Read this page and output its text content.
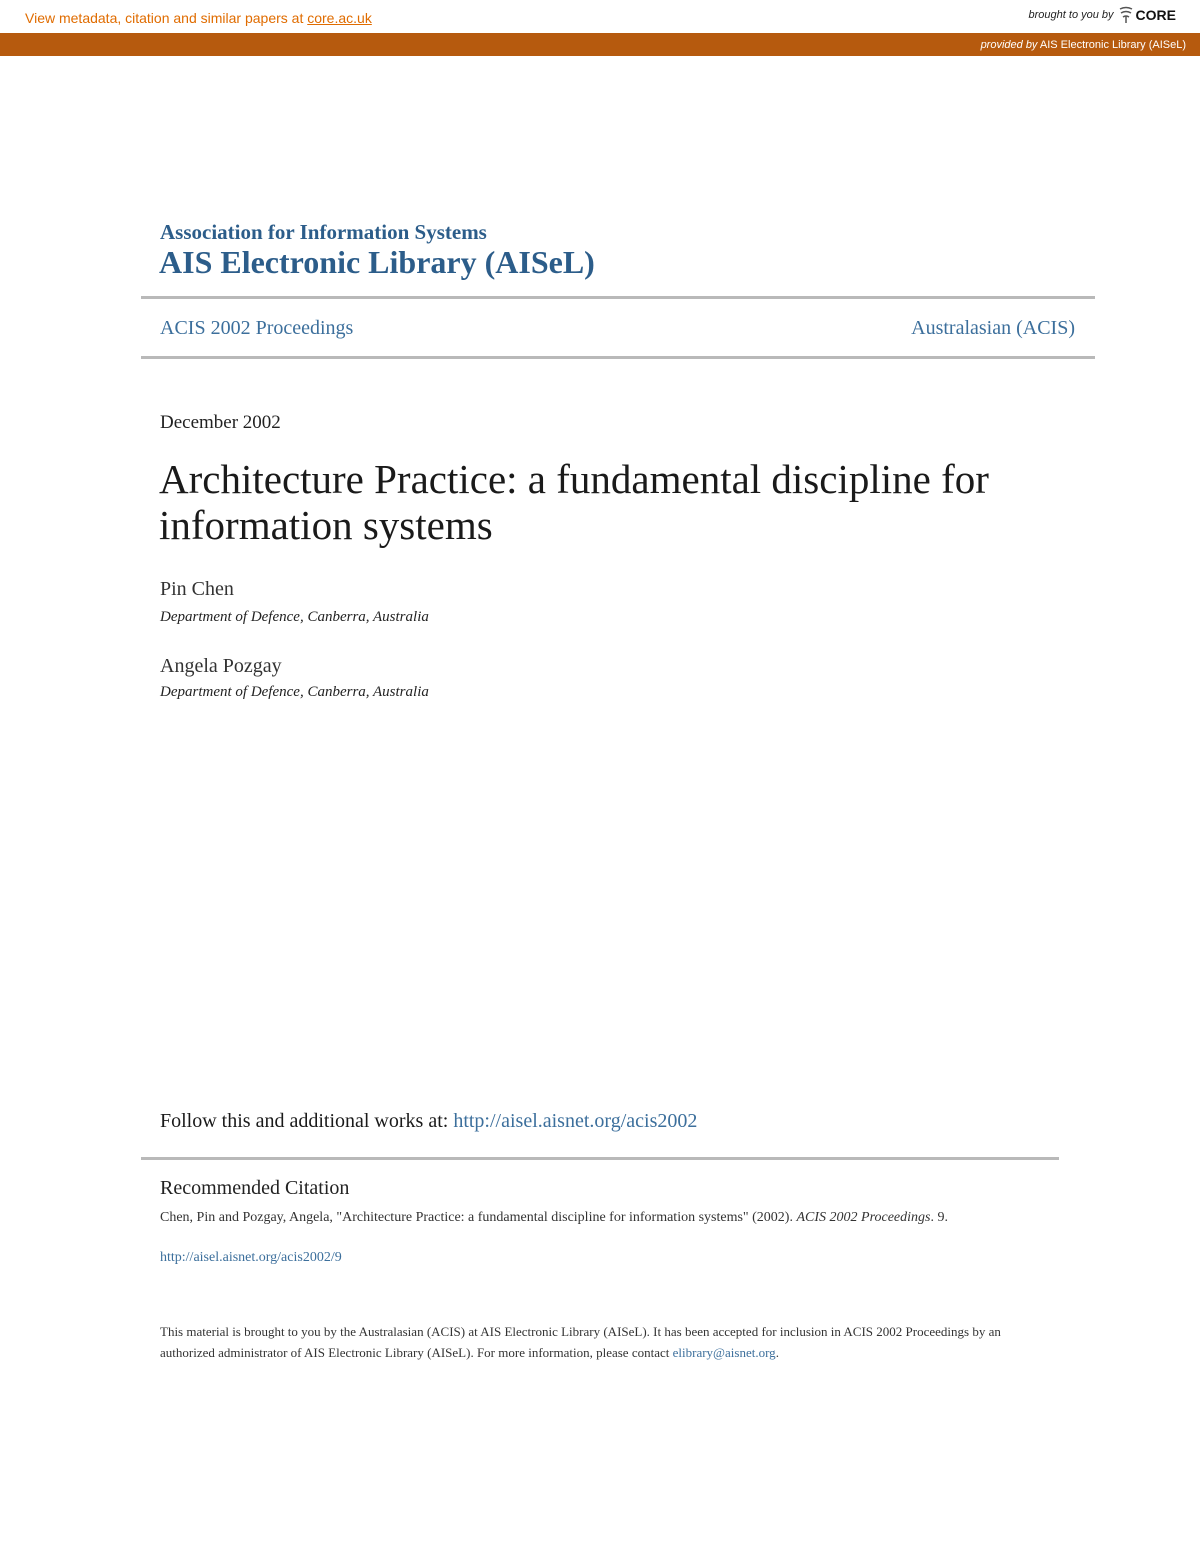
View metadata, citation and similar papers at core.ac.uk	brought to you by CORE
provided by AIS Electronic Library (AISeL)
Association for Information Systems
AIS Electronic Library (AISeL)
ACIS 2002 Proceedings	Australasian (ACIS)
December 2002
Architecture Practice: a fundamental discipline for information systems
Pin Chen
Department of Defence, Canberra, Australia
Angela Pozgay
Department of Defence, Canberra, Australia
Follow this and additional works at: http://aisel.aisnet.org/acis2002
Recommended Citation
Chen, Pin and Pozgay, Angela, "Architecture Practice: a fundamental discipline for information systems" (2002). ACIS 2002 Proceedings. 9.
http://aisel.aisnet.org/acis2002/9
This material is brought to you by the Australasian (ACIS) at AIS Electronic Library (AISeL). It has been accepted for inclusion in ACIS 2002 Proceedings by an authorized administrator of AIS Electronic Library (AISeL). For more information, please contact elibrary@aisnet.org.
